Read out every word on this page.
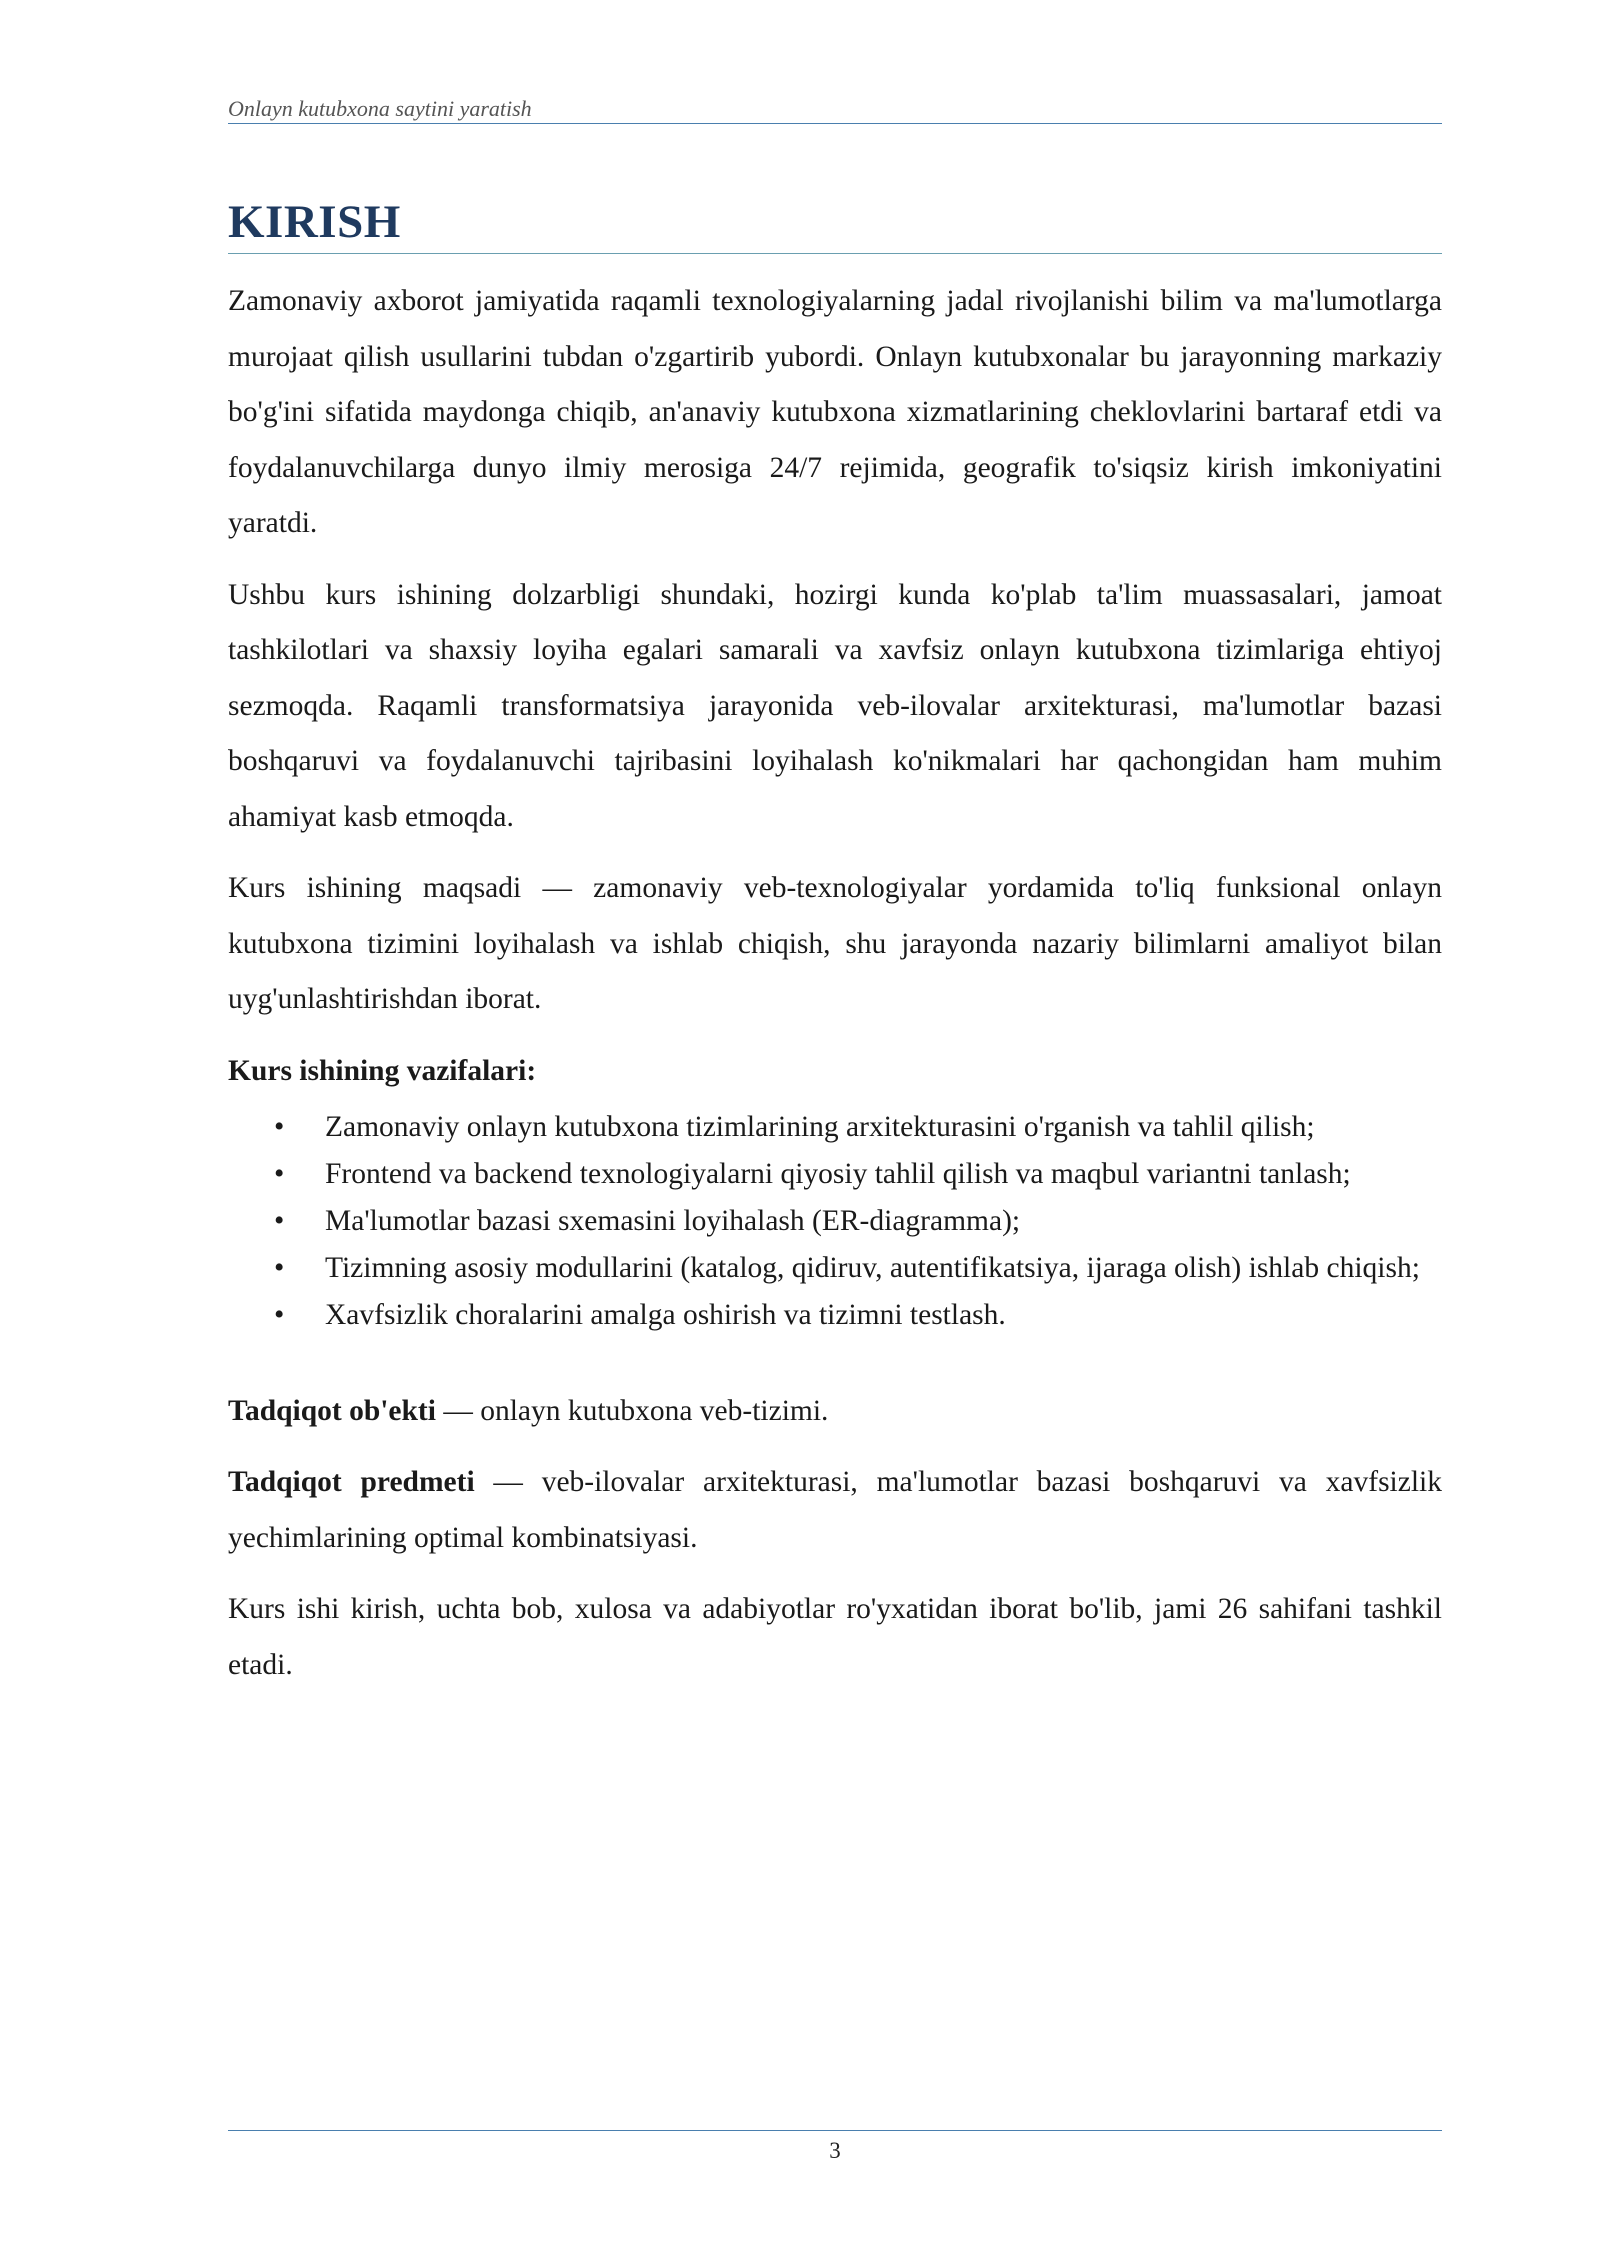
Onlayn kutubxona saytini yaratish
KIRISH

Zamonaviy axborot jamiyatida raqamli texnologiyalarning jadal rivojlanishi bilim va ma'lumotlarga murojaat qilish usullarini tubdan o'zgartirib yubordi. Onlayn kutubxonalar bu jarayonning markaziy bo'g'ini sifatida maydonga chiqib, an'anaviy kutubxona xizmatlarining cheklovlarini bartaraf etdi va foydalanuvchilarga dunyo ilmiy merosiga 24/7 rejimida, geografik to'siqsiz kirish imkoniyatini yaratdi.

Ushbu kurs ishining dolzarbligi shundaki, hozirgi kunda ko'plab ta'lim muassasalari, jamoat tashkilotlari va shaxsiy loyiha egalari samarali va xavfsiz onlayn kutubxona tizimlariga ehtiyoj sezmoqda. Raqamli transformatsiya jarayonida veb-ilovalar arxitekturasi, ma'lumotlar bazasi boshqaruvi va foydalanuvchi tajribasini loyihalash ko'nikmalari har qachongidan ham muhim ahamiyat kasb etmoqda.

Kurs ishining maqsadi — zamonaviy veb-texnologiyalar yordamida to'liq funksional onlayn kutubxona tizimini loyihalash va ishlab chiqish, shu jarayonda nazariy bilimlarni amaliyot bilan uyg'unlashtirishdan iborat.

Kurs ishining vazifalari:

• Zamonaviy onlayn kutubxona tizimlarining arxitekturasini o'rganish va tahlil qilish;
• Frontend va backend texnologiyalarni qiyosiy tahlil qilish va maqbul variantni tanlash;
• Ma'lumotlar bazasi sxemasini loyihalash (ER-diagramma);
• Tizimning asosiy modullarini (katalog, qidiruv, autentifikatsiya, ijaraga olish) ishlab chiqish;
• Xavfsizlik choralarini amalga oshirish va tizimni testlash.

Tadqiqot ob'ekti — onlayn kutubxona veb-tizimi.

Tadqiqot predmeti — veb-ilovalar arxitekturasi, ma'lumotlar bazasi boshqaruvi va xavfsizlik yechimlarining optimal kombinatsiyasi.

Kurs ishi kirish, uchta bob, xulosa va adabiyotlar ro'yxatidan iborat bo'lib, jami 26 sahifani tashkil etadi.

3
